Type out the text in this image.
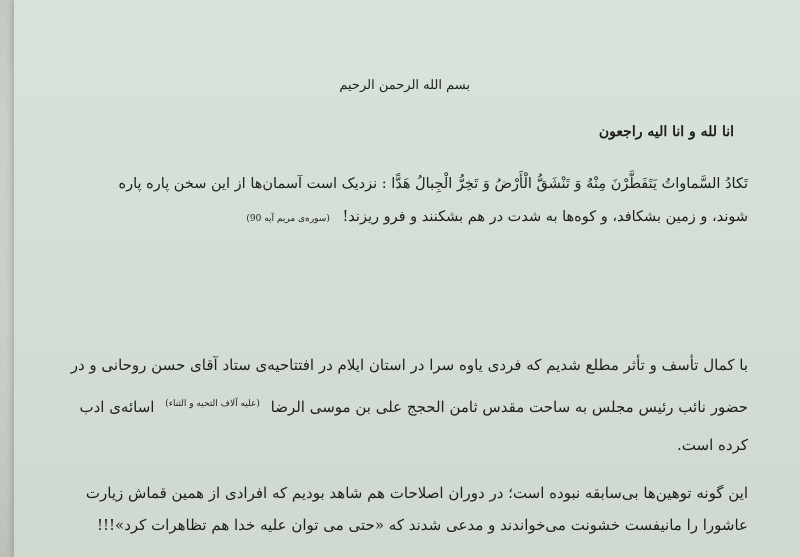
بسم الله الرحمن الرحیم
انا لله و انا الیه راجعون
تَكادُ السَّماواتُ يَتَفَطَّرْنَ مِنْهُ وَ تَنْشَقُّ الْأَرْضُ وَ تَخِرُّ الْجِبالُ هَدًّا : نزدیک است آسمان‌ها از این سخن پاره پاره
شوند، و زمین بشکافد، و کوه‌ها به شدت در هم بشکنند و فرو ریزند! (سوره‌ی مریم آیه 90)
با کمال تأسف و تأثر مطلع شدیم که فردی یاوه سرا در استان ایلام در افتتاحیه‌ی ستاد آقای حسن روحانی و در
حضور نائب رئیس مجلس به ساحت مقدس ثامن الحجج علی بن موسی الرضا $^{(علیه آلاف التحیه و الثناء)}$ اسائه‌ی ادب
کرده است.
این گونه توهین‌ها بی‌سابقه نبوده است؛ در دوران اصلاحات هم شاهد بودیم که افرادی از همین قماش زیارت
عاشورا را مانیفست خشونت می‌خواندند و مدعی شدند که «حتی می توان علیه خدا هم تظاهرات کرد»!!!
